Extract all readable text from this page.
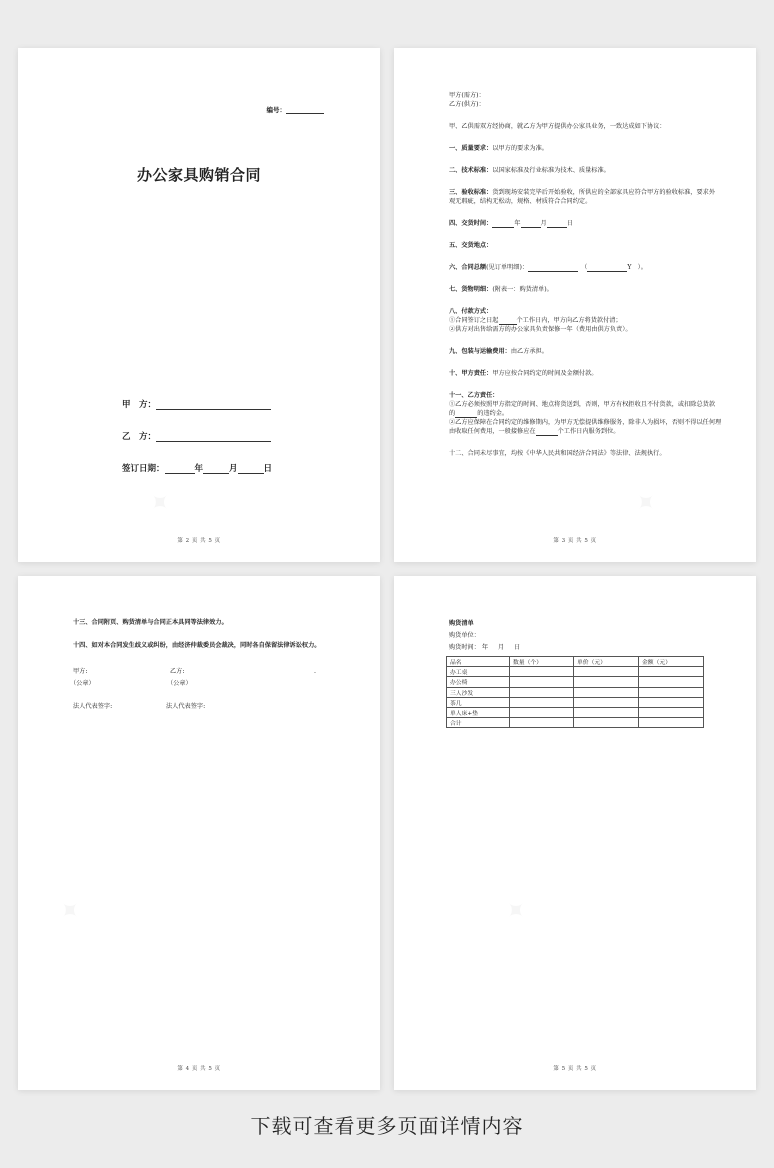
编号：
办公家具购销合同
甲　方：
乙　方：
签订日期：	年	月	日
第 2 页 共 5 页
甲方(需方)：
乙方(供方)：
甲、乙供需双方经协商，就乙方为甲方提供办公家具业务，一致达成如下协议：
一、质量要求：以甲方的要求为准。
二、技术标准：以国家标准及行业标准为技术、质量标准。
三、验收标准：货到现场安装完毕后开始验收，所供应的全部家具应符合甲方的验收标准，要求外
观无瑕疵，结构无松动，规格、材质符合合同约定。
四、交货时间：	年	月	日
五、交货地点：
六、合同总额(见订单明细)：　	（	Y　 ）。
七、货物明细：(附表一：购货清单)。
八、付款方式：
①合同签订之日起	个工作日内，甲方向乙方将货款付清；
②供方对出售给需方的办公家具负责保修一年（费用由供方负责）。
九、包装与运输费用：由乙方承担。
十、甲方责任：甲方应按合同约定的时间及金额付款。
十一、乙方责任：
①乙方必须按照甲方指定的时间、地点将货送到，否则，甲方有权拒收且不付货款，或扣除总货款
的	的违约金。
②乙方应保障在合同约定的维修期内，为甲方无偿提供维修服务，除非人为损坏，否则不得以任何理
由收取任何费用，一般接修应在	个工作日内服务到位。
十二、合同未尽事宜，均按《中华人民共和国经济合同法》等法律、法规执行。
第 3 页 共 5 页
十三、合同附页、购货清单与合同正本具同等法律效力。
十四、如对本合同发生歧义或纠纷，由经济仲裁委员会裁决，同时各自保留法律诉讼权力。
甲方:	乙方:	.
（公章）	（公章）
法人代表签字:	法人代表签字:
第 4 页 共 5 页
购货清单
购货单位：
购货时间： 年 月 日
品名	数量（个）	单价（元）	金额（元）
办工桌			
办公椅			
三人沙发			
茶几			
单人床+垫			
合计			
第 5 页 共 5 页
下载可查看更多页面详情内容
